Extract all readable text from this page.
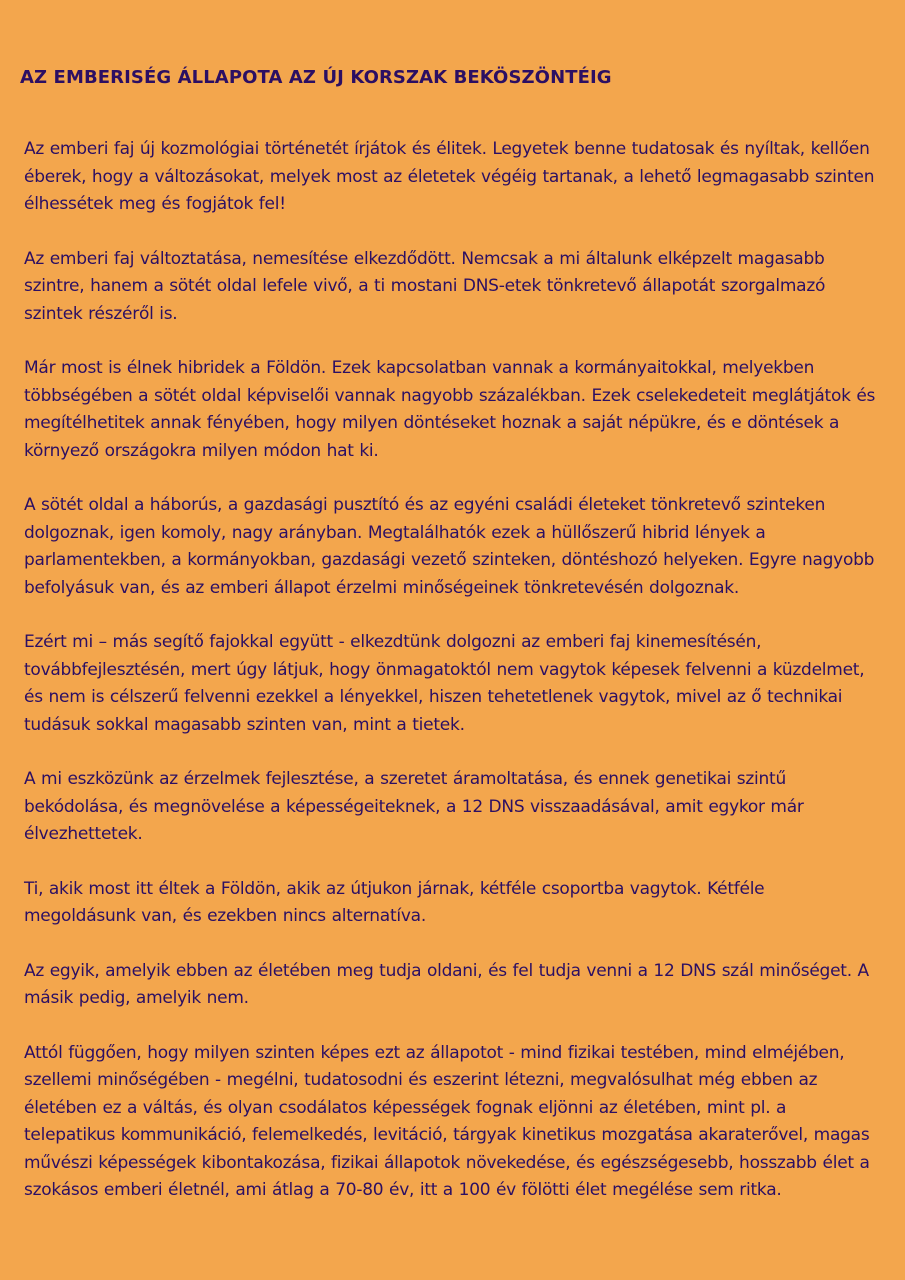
AZ EMBERISÉG ÁLLAPOTA AZ ÚJ KORSZAK BEKÖSZÖNTÉIG

Az emberi faj új kozmológiai történetét írjátok és élitek. Legyetek benne tudatosak és nyíltak, kellően éberek, hogy a változásokat, melyek most az életetek végéig tartanak, a lehető legmagasabb szinten élhessétek meg és fogjátok fel!

Az emberi faj változtatása, nemesítése elkezdődött. Nemcsak a mi általunk elképzelt magasabb szintre, hanem a sötét oldal lefele vivő, a ti mostani DNS-etek tönkretevő állapotát szorgalmazó szintek részéről is.

Már most is élnek hibridek a Földön. Ezek kapcsolatban vannak a kormányaitokkal, melyekben többségében a sötét oldal képviselői vannak nagyobb százalékban. Ezek cselekedeteit meglátjátok és megítélhetitek annak fényében, hogy milyen döntéseket hoznak a saját népükre, és e döntések a környező országokra milyen módon hat ki.

A sötét oldal a háborús, a gazdasági pusztító és az egyéni családi életeket tönkretevő szinteken dolgoznak, igen komoly, nagy arányban. Megtalálhatók ezek a hüllőszerű hibrid lények a parlamentekben, a kormányokban, gazdasági vezető szinteken, döntéshozó helyeken. Egyre nagyobb befolyásuk van, és az emberi állapot érzelmi minőségeinek tönkretevésén dolgoznak.

Ezért mi – más segítő fajokkal együtt - elkezdtünk dolgozni az emberi faj kinemesítésén, továbbfejlesztésén, mert úgy látjuk, hogy önmagatoktól nem vagytok képesek felvenni a küzdelmet, és nem is célszerű felvenni ezekkel a lényekkel, hiszen tehetetlenek vagytok, mivel az ő technikai tudásuk sokkal magasabb szinten van, mint a tietek.

A mi eszközünk az érzelmek fejlesztése, a szeretet áramoltatása, és ennek genetikai szintű bekódolása, és megnövelése a képességeiteknek, a 12 DNS visszaadásával, amit egykor már élvezhettetek.

Ti, akik most itt éltek a Földön, akik az útjukon járnak, kétféle csoportba vagytok. Kétféle megoldásunk van, és ezekben nincs alternatíva.

Az egyik, amelyik ebben az életében meg tudja oldani, és fel tudja venni a 12 DNS szál minőséget. A másik pedig, amelyik nem.

Attól függően, hogy milyen szinten képes ezt az állapotot - mind fizikai testében, mind elméjében, szellemi minőségében - megélni, tudatosodni és eszerint létezni, megvalósulhat még ebben az életében ez a váltás, és olyan csodálatos képességek fognak eljönni az életében, mint pl. a telepatikus kommunikáció, felemelkedés, levitáció, tárgyak kinetikus mozgatása akaraterővel, magas művészi képességek kibontakozása, fizikai állapotok növekedése, és egészségesebb, hosszabb élet a szokásos emberi életnél, ami átlag a 70-80 év, itt a 100 év fölötti élet megélése sem ritka.
